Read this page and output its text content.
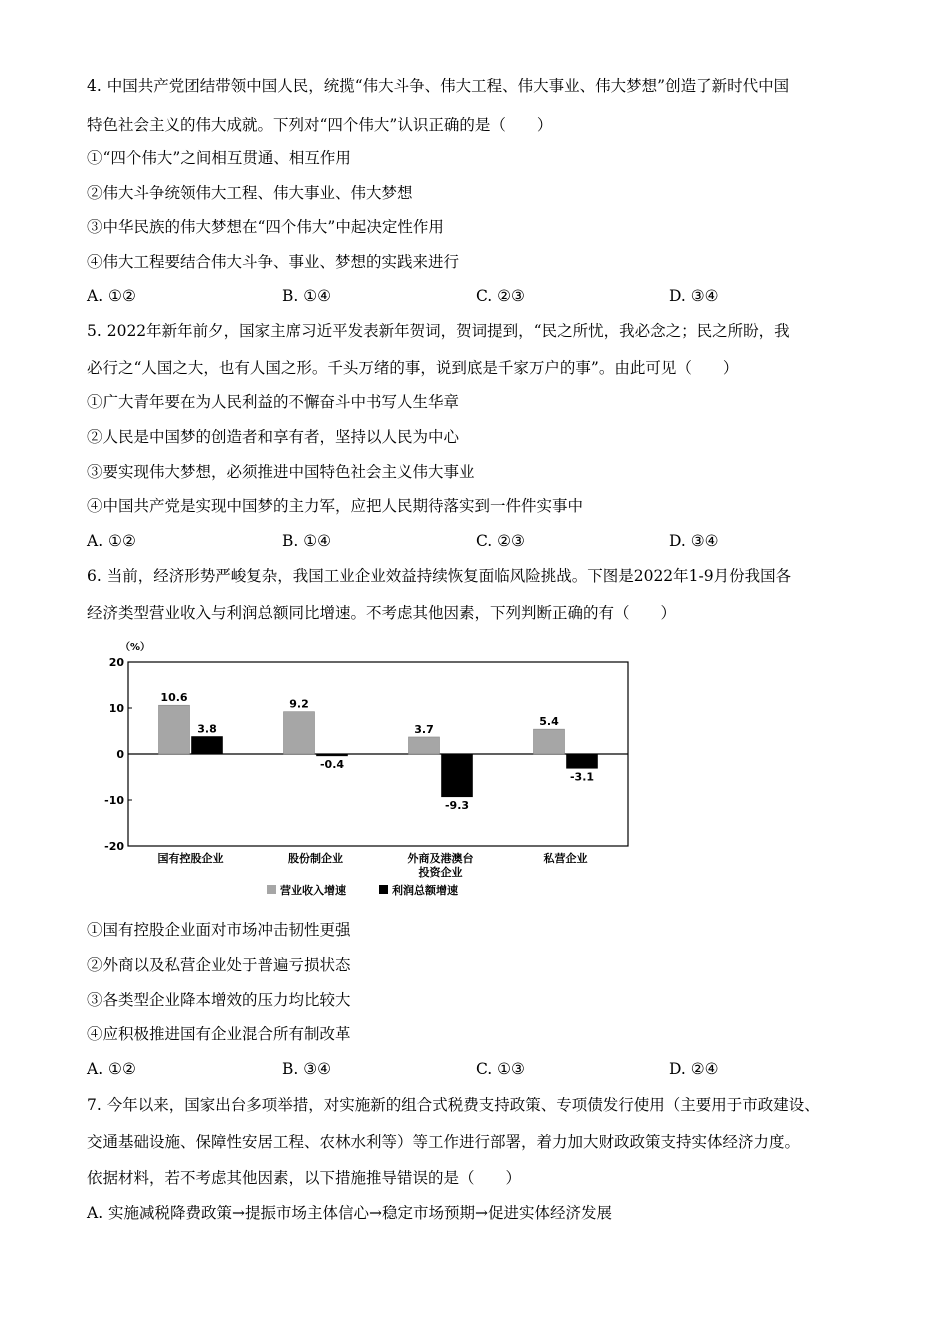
4. 中国共产党团结带领中国人民，统揽“伟大斗争、伟大工程、伟大事业、伟大梦想”创造了新时代中国
特色社会主义的伟大成就。下列对“四个伟大”认识正确的是（　　）
①“四个伟大”之间相互贯通、相互作用
②伟大斗争统领伟大工程、伟大事业、伟大梦想
③中华民族的伟大梦想在“四个伟大”中起决定性作用
④伟大工程要结合伟大斗争、事业、梦想的实践来进行
A. ①②	B. ①④	C. ②③	D. ③④
5. 2022年新年前夕，国家主席习近平发表新年贺词，贺词提到，“民之所忧，我必念之；民之所盼，我
必行之“人国之大，也有人国之形。千头万绪的事，说到底是千家万户的事”。由此可见（　　）
①广大青年要在为人民利益的不懈奋斗中书写人生华章
②人民是中国梦的创造者和享有者，坚持以人民为中心
③要实现伟大梦想，必须推进中国特色社会主义伟大事业
④中国共产党是实现中国梦的主力军，应把人民期待落实到一件件实事中
A. ①②	B. ①④	C. ②③	D. ③④
6. 当前，经济形势严峻复杂，我国工业企业效益持续恢复面临风险挑战。下图是2022年1-9月份我国各
经济类型营业收入与利润总额同比增速。不考虑其他因素，下列判断正确的有（　　）
（%）
20
10
0
-10
-20
10.6
3.8
9.2
-0.4
3.7
-9.3
5.4
-3.1
国有控股企业	股份制企业	外商及港澳台
投资企业
私营企业
营业收入增速	利润总额增速
①国有控股企业面对市场冲击韧性更强
②外商以及私营企业处于普遍亏损状态
③各类型企业降本增效的压力均比较大
④应积极推进国有企业混合所有制改革
A. ①②	B. ③④	C. ①③	D. ②④
7. 今年以来，国家出台多项举措，对实施新的组合式税费支持政策、专项债发行使用（主要用于市政建设、
交通基础设施、保障性安居工程、农林水利等）等工作进行部署，着力加大财政政策支持实体经济力度。
依据材料，若不考虑其他因素，以下措施推导错误的是（　　）
A. 实施减税降费政策→提振市场主体信心→稳定市场预期→促进实体经济发展
